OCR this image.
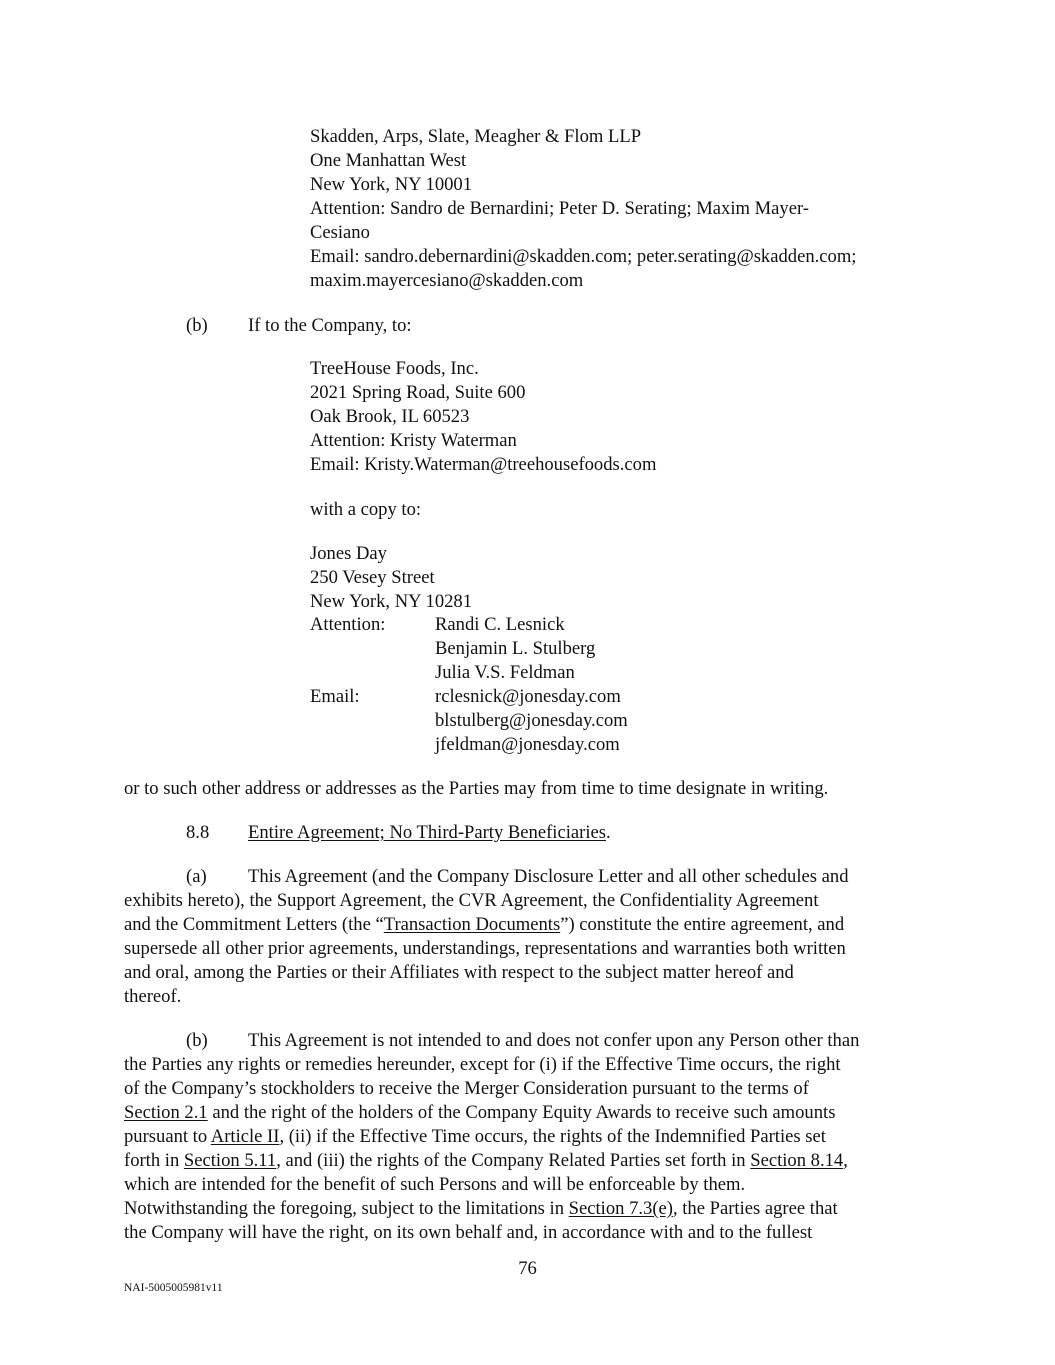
Skadden, Arps, Slate, Meagher & Flom LLP
One Manhattan West
New York, NY 10001
Attention: Sandro de Bernardini; Peter D. Serating; Maxim Mayer-
Cesiano
Email: sandro.debernardini@skadden.com; peter.serating@skadden.com;
maxim.mayercesiano@skadden.com
(b) If to the Company, to:
TreeHouse Foods, Inc.
2021 Spring Road, Suite 600
Oak Brook, IL 60523
Attention: Kristy Waterman
Email: Kristy.Waterman@treehousefoods.com
with a copy to:
Jones Day
250 Vesey Street
New York, NY 10281
Attention:	Randi C. Lesnick
Benjamin L. Stulberg
Julia V.S. Feldman
Email:	rclesnick@jonesday.com
blstulberg@jonesday.com
jfeldman@jonesday.com
or to such other address or addresses as the Parties may from time to time designate in writing.
8.8 Entire Agreement; No Third-Party Beneficiaries.
(a) This Agreement (and the Company Disclosure Letter and all other schedules and
exhibits hereto), the Support Agreement, the CVR Agreement, the Confidentiality Agreement
and the Commitment Letters (the “Transaction Documents”) constitute the entire agreement, and
supersede all other prior agreements, understandings, representations and warranties both written
and oral, among the Parties or their Affiliates with respect to the subject matter hereof and
thereof.
(b) This Agreement is not intended to and does not confer upon any Person other than
the Parties any rights or remedies hereunder, except for (i) if the Effective Time occurs, the right
of the Company’s stockholders to receive the Merger Consideration pursuant to the terms of
Section 2.1 and the right of the holders of the Company Equity Awards to receive such amounts
pursuant to Article II, (ii) if the Effective Time occurs, the rights of the Indemnified Parties set
forth in Section 5.11, and (iii) the rights of the Company Related Parties set forth in Section 8.14,
which are intended for the benefit of such Persons and will be enforceable by them.
Notwithstanding the foregoing, subject to the limitations in Section 7.3(e), the Parties agree that
the Company will have the right, on its own behalf and, in accordance with and to the fullest
76
NAI-5005005981v11
